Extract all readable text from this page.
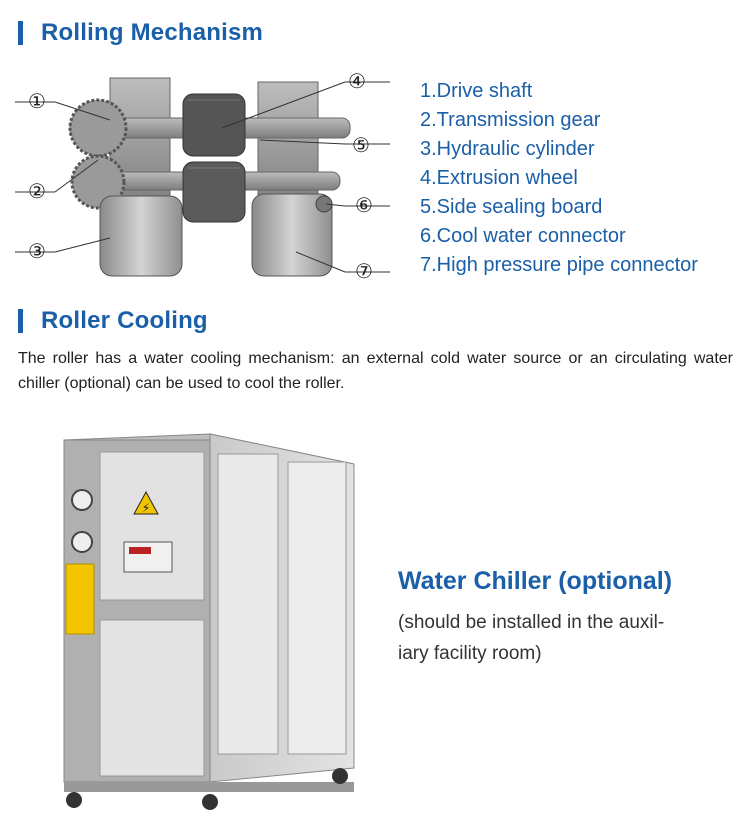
Rolling Mechanism
①
②
③
④
⑤
⑥
⑦
1.Drive shaft
2.Transmission gear
3.Hydraulic cylinder
4.Extrusion wheel
5.Side sealing board
6.Cool water connector
7.High pressure pipe connector
Roller Cooling
The roller has a water cooling mechanism: an external cold water source or an circulating water chiller (optional) can be used to cool the roller.
⚡
Water Chiller (optional)
(should be installed in the auxil-
iary facility room)
